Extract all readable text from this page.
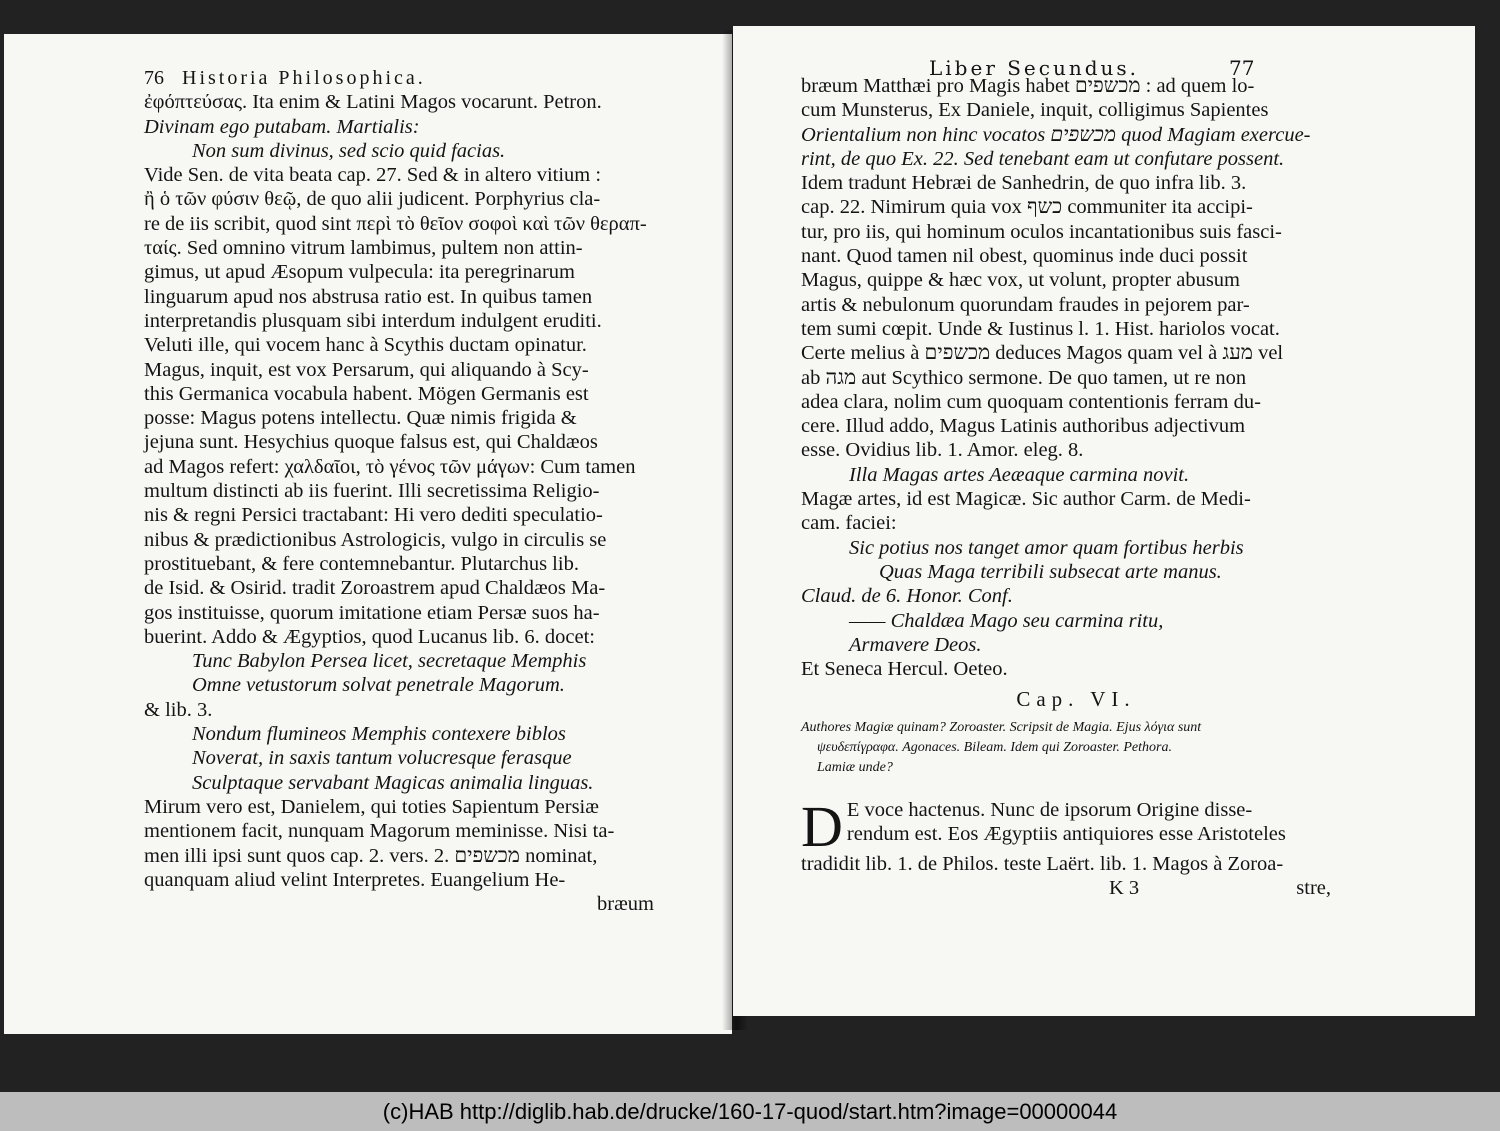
76 Historia Philosophica.
ἐφόπτεύσας. Ita enim & Latini Magos vocarunt. Petron.
Divinam ego putabam. Martialis:
Non sum divinus, sed scio quid facias.
Vide Sen. de vita beata cap. 27. Sed & in altero vitium :
ἢ ὁ τῶν φύσιν θεῷ, de quo alii judicent. Porphyrius cla-
re de iis scribit, quod sint περὶ τὸ θεῖον σοφοὶ καὶ τῶν θεραπ-
ταίς. Sed omnino vitrum lambimus, pultem non attin-
gimus, ut apud Æsopum vulpecula: ita peregrinarum
linguarum apud nos abstrusa ratio est. In quibus tamen
interpretandis plusquam sibi interdum indulgent eruditi.
Veluti ille, qui vocem hanc à Scythis ductam opinatur.
Magus, inquit, est vox Persarum, qui aliquando à Scy-
this Germanica vocabula habent. Mögen Germanis est
posse: Magus potens intellectu. Quæ nimis frigida &
jejuna sunt. Hesychius quoque falsus est, qui Chaldæos
ad Magos refert: χαλδαῖοι, τὸ γένος τῶν μάγων: Cum tamen
multum distincti ab iis fuerint. Illi secretissima Religio-
nis & regni Persici tractabant: Hi vero dediti speculatio-
nibus & prædictionibus Astrologicis, vulgo in circulis se
prostituebant, & fere contemnebantur. Plutarchus lib.
de Isid. & Osirid. tradit Zoroastrem apud Chaldæos Ma-
gos instituisse, quorum imitatione etiam Persæ suos ha-
buerint. Addo & Ægyptios, quod Lucanus lib. 6. docet:
Tunc Babylon Persea licet, secretaque Memphis
Omne vetustorum solvat penetrale Magorum.
& lib. 3.
Nondum flumineos Memphis contexere biblos
Noverat, in saxis tantum volucresque ferasque
Sculptaque servabant Magicas animalia linguas.
Mirum vero est, Danielem, qui toties Sapientum Persiæ
mentionem facit, nunquam Magorum meminisse. Nisi ta-
men illi ipsi sunt quos cap. 2. vers. 2. מכשפים nominat,
quanquam aliud velint Interpretes. Euangelium He-
bræum
Liber Secundus.	77
bræum Matthæi pro Magis habet מכשפים : ad quem lo-
cum Munsterus, Ex Daniele, inquit, colligimus Sapientes
Orientalium non hinc vocatos מכשפים quod Magiam exercue-
rint, de quo Ex. 22. Sed tenebant eam ut confutare possent.
Idem tradunt Hebræi de Sanhedrin, de quo infra lib. 3.
cap. 22. Nimirum quia vox כשף communiter ita accipi-
tur, pro iis, qui hominum oculos incantationibus suis fasci-
nant. Quod tamen nil obest, quominus inde duci possit
Magus, quippe & hæc vox, ut volunt, propter abusum
artis & nebulonum quorundam fraudes in pejorem par-
tem sumi cœpit. Unde & Iustinus l. 1. Hist. hariolos vocat.
Certe melius à מכשפים deduces Magos quam vel à מעג vel
ab מגה aut Scythico sermone. De quo tamen, ut re non
adea clara, nolim cum quoquam contentionis ferram du-
cere. Illud addo, Magus Latinis authoribus adjectivum
esse. Ovidius lib. 1. Amor. eleg. 8.
Illa Magas artes Aeæaque carmina novit.
Magæ artes, id est Magicæ. Sic author Carm. de Medi-
cam. faciei:
Sic potius nos tanget amor quam fortibus herbis
Quas Maga terribili subsecat arte manus.
Claud. de 6. Honor. Conf.
—— Chaldæa Mago seu carmina ritu,
Armavere Deos.
Et Seneca Hercul. Oeteo.
Cap. VI.
Authores Magiæ quinam? Zoroaster. Scripsit de Magia. Ejus λόγια sunt
ψευδεπίγραφα. Agonaces. Bileam. Idem qui Zoroaster. Pethora.
Lamiæ unde?
D E voce hactenus. Nunc de ipsorum Origine disse-
rendum est. Eos Ægyptiis antiquiores esse Aristoteles
tradidit lib. 1. de Philos. teste Laërt. lib. 1. Magos à Zoroa-
K 3	stre,
(c)HAB http://diglib.hab.de/drucke/160-17-quod/start.htm?image=00000044
